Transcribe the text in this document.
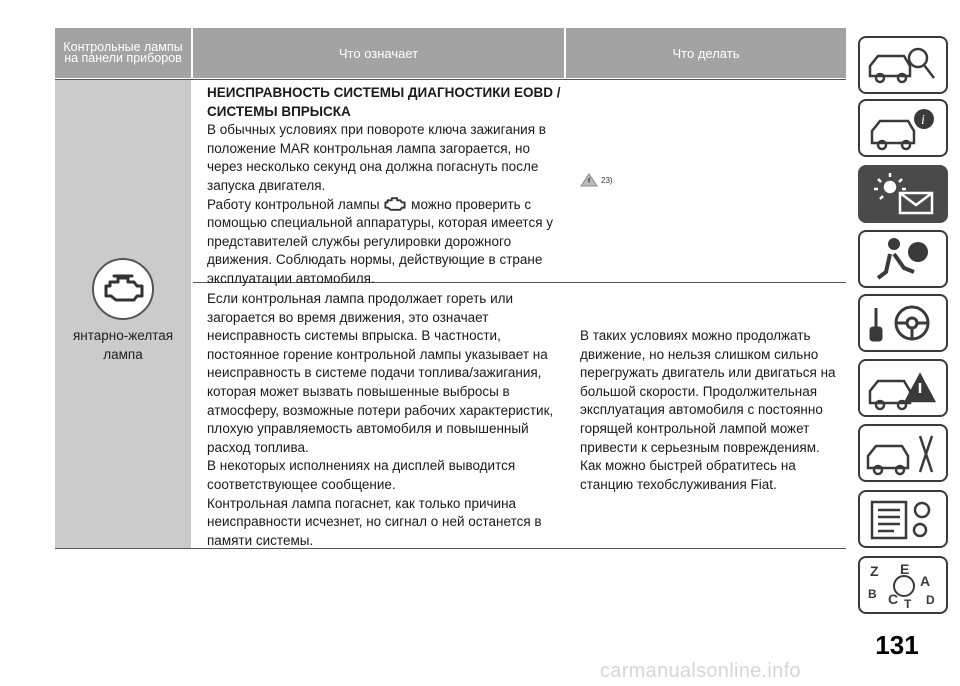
Контрольные лампы на панели приборов	Что означает	Что делать
янтарно-желтая лампа

НЕИСПРАВНОСТЬ СИСТЕМЫ ДИАГНОСТИКИ EOBD / СИСТЕМЫ ВПРЫСКА

В обычных условиях при повороте ключа зажигания в положение MAR контрольная лампа загорается, но через несколько секунд она должна погаснуть после запуска двигателя.

Работу контрольной лампы можно проверить с помощью специальной аппаратуры, которая имеется у представителей службы регулировки дорожного движения. Соблюдать нормы, действующие в стране эксплуатации автомобиля.

23)

Если контрольная лампа продолжает гореть или загорается во время движения, это означает неисправность системы впрыска. В частности, постоянное горение контрольной лампы указывает на неисправность в системе подачи топлива/зажигания, которая может вызвать повышенные выбросы в атмосферу, возможные потери рабочих характеристик, плохую управляемость автомобиля и повышенный расход топлива.

В некоторых исполнениях на дисплей выводится соответствующее сообщение.

Контрольная лампа погаснет, как только причина неисправности исчезнет, но сигнал о ней останется в памяти системы.

В таких условиях можно продолжать движение, но нельзя слишком сильно перегружать двигатель или двигаться на большой скорости. Продолжительная эксплуатация автомобиля с постоянно горящей контрольной лампой может привести к серьезным повреждениям. Как можно быстрей обратитесь на станцию техобслуживания Fiat.
i
Z E
A
B C T D
131
carmanualsonline.info
